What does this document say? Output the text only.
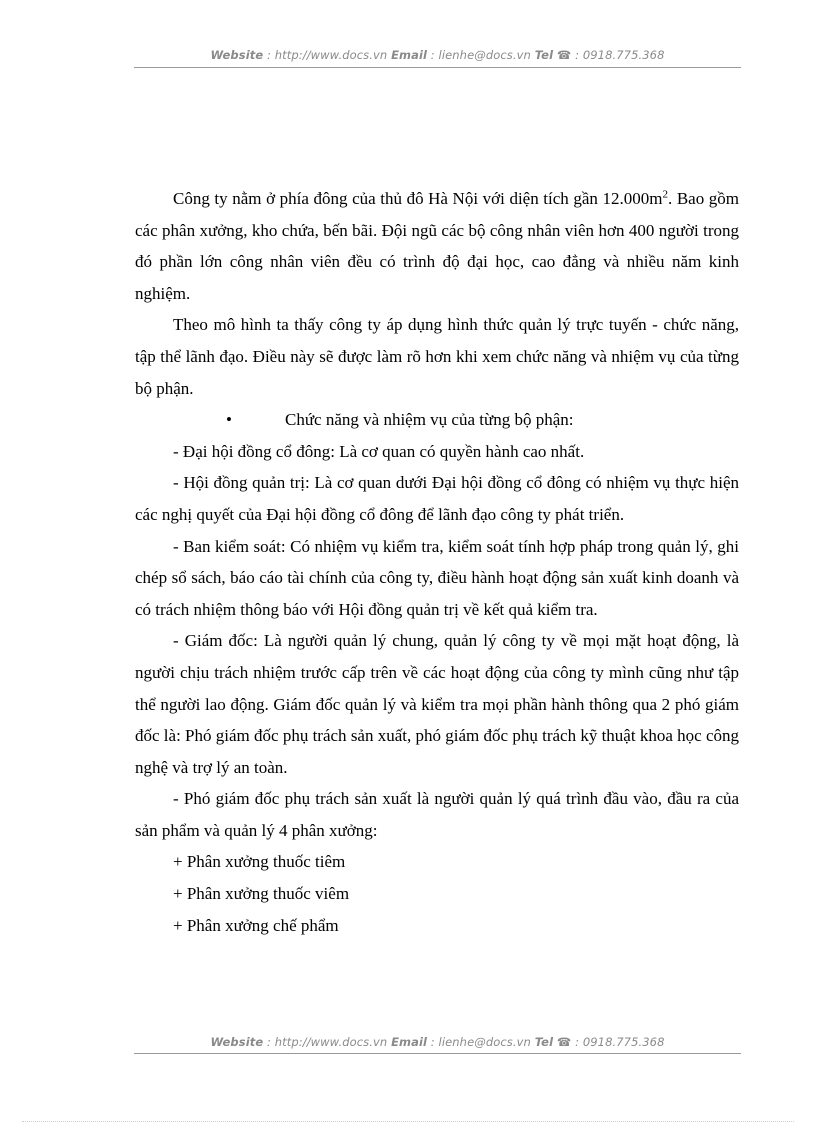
Website : http://www.docs.vn Email : lienhe@docs.vn Tel ☎ : 0918.775.368

Công ty nằm ở phía đông của thủ đô Hà Nội với diện tích gần $12.000m^2$. Bao gồm các phân xưởng, kho chứa, bến bãi. Đội ngũ các bộ công nhân viên hơn 400 người trong đó phần lớn công nhân viên đều có trình độ đại học, cao đẳng và nhiều năm kinh nghiệm.

Theo mô hình ta thấy công ty áp dụng hình thức quản lý trực tuyến - chức năng, tập thể lãnh đạo. Điều này sẽ được làm rõ hơn khi xem chức năng và nhiệm vụ của từng bộ phận.

•	Chức năng và nhiệm vụ của từng bộ phận:

- Đại hội đồng cổ đông: Là cơ quan có quyền hành cao nhất.

- Hội đồng quản trị: Là cơ quan dưới Đại hội đồng cổ đông có nhiệm vụ thực hiện các nghị quyết của Đại hội đồng cổ đông để lãnh đạo công ty phát triển.

- Ban kiểm soát: Có nhiệm vụ kiểm tra, kiểm soát tính hợp pháp trong quản lý, ghi chép sổ sách, báo cáo tài chính của công ty, điều hành hoạt động sản xuất kinh doanh và có trách nhiệm thông báo với Hội đồng quản trị về kết quả kiểm tra.

- Giám đốc: Là người quản lý chung, quản lý công ty về mọi mặt hoạt động, là người chịu trách nhiệm trước cấp trên về các hoạt động của công ty mình cũng như tập thể người lao động. Giám đốc quản lý và kiểm tra mọi phần hành thông qua 2 phó giám đốc là: Phó giám đốc phụ trách sản xuất, phó giám đốc phụ trách kỹ thuật khoa học công nghệ và trợ lý an toàn.

- Phó giám đốc phụ trách sản xuất là người quản lý quá trình đầu vào, đầu ra của sản phẩm và quản lý 4 phân xưởng:

+ Phân xưởng thuốc tiêm

+ Phân xưởng thuốc viêm

+ Phân xưởng chế phẩm

Website : http://www.docs.vn Email : lienhe@docs.vn Tel ☎ : 0918.775.368
